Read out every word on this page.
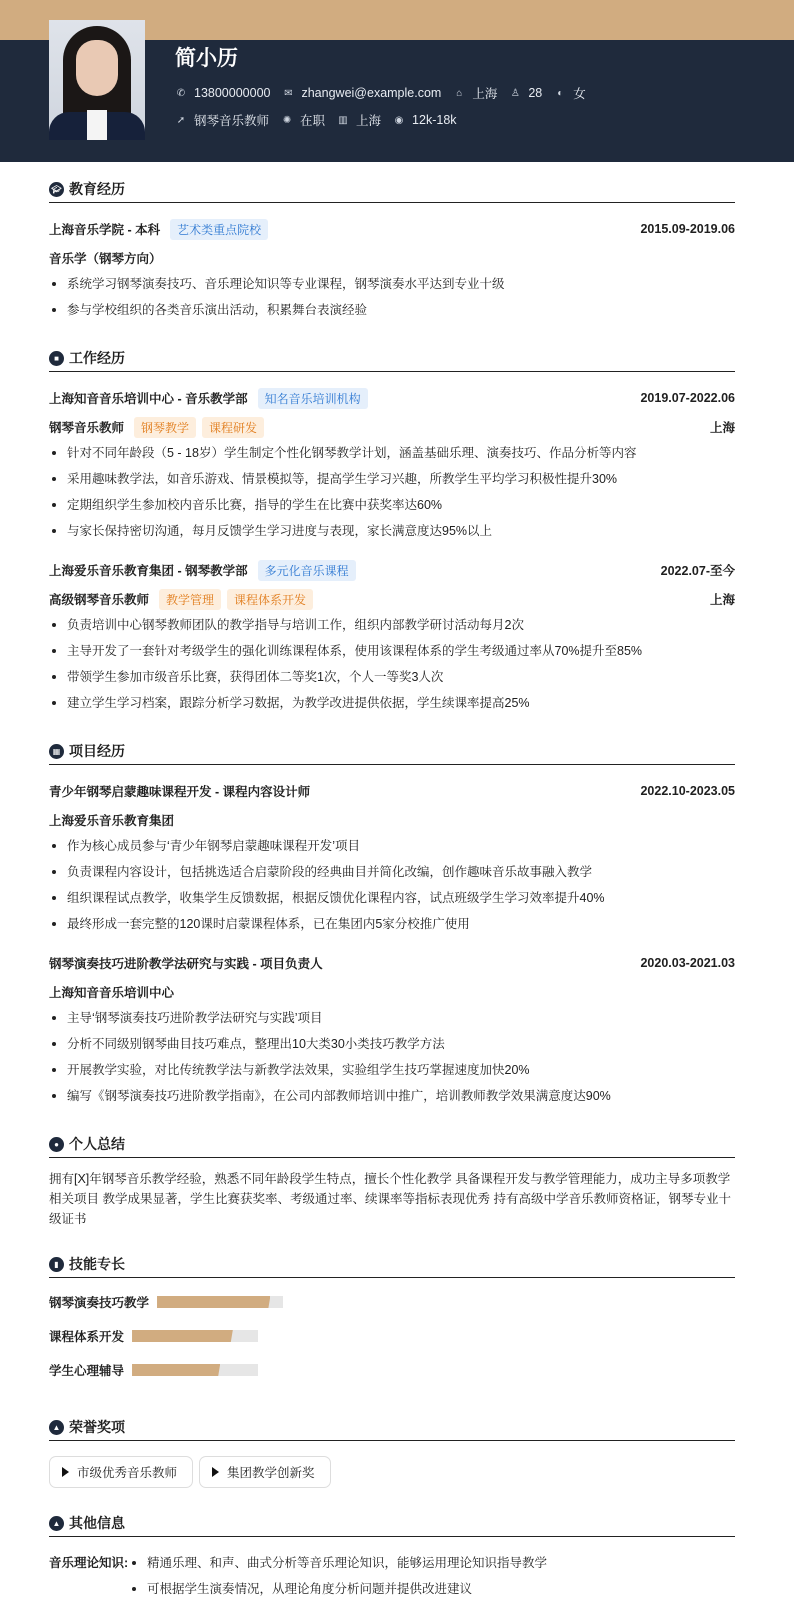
简小历
✆ 13800000000 ✉ zhangwei@example.com ⌂ 上海 ♙ 28 ◐ 女
➚ 钢琴音乐教师 ✺ 在职 ▥ 上海 ◉ 12k-18k
🎓︎ 教育经历
上海音乐学院 - 本科	艺术类重点院校	2015.09-2019.06
音乐学（钢琴方向）
系统学习钢琴演奏技巧、音乐理论知识等专业课程，钢琴演奏水平达到专业十级
参与学校组织的各类音乐演出活动，积累舞台表演经验
■ 工作经历
上海知音音乐培训中心 - 音乐教学部	知名音乐培训机构	2019.07-2022.06
钢琴音乐教师	钢琴教学	课程研发	上海
针对不同年龄段（5 - 18岁）学生制定个性化钢琴教学计划，涵盖基础乐理、演奏技巧、作品分析等内容
采用趣味教学法，如音乐游戏、情景模拟等，提高学生学习兴趣，所教学生平均学习积极性提升30%
定期组织学生参加校内音乐比赛，指导的学生在比赛中获奖率达60%
与家长保持密切沟通，每月反馈学生学习进度与表现，家长满意度达95%以上
上海爱乐音乐教育集团 - 钢琴教学部	多元化音乐课程	2022.07-至今
高级钢琴音乐教师	教学管理	课程体系开发	上海
负责培训中心钢琴教师团队的教学指导与培训工作，组织内部教学研讨活动每月2次
主导开发了一套针对考级学生的强化训练课程体系，使用该课程体系的学生考级通过率从70%提升至85%
带领学生参加市级音乐比赛，获得团体二等奖1次，个人一等奖3人次
建立学生学习档案，跟踪分析学习数据，为教学改进提供依据，学生续课率提高25%
▦ 项目经历
青少年钢琴启蒙趣味课程开发 - 课程内容设计师	2022.10-2023.05
上海爱乐音乐教育集团
作为核心成员参与‘青少年钢琴启蒙趣味课程开发’项目
负责课程内容设计，包括挑选适合启蒙阶段的经典曲目并简化改编，创作趣味音乐故事融入教学
组织课程试点教学，收集学生反馈数据，根据反馈优化课程内容，试点班级学生学习效率提升40%
最终形成一套完整的120课时启蒙课程体系，已在集团内5家分校推广使用
钢琴演奏技巧进阶教学法研究与实践 - 项目负责人	2020.03-2021.03
上海知音音乐培训中心
主导‘钢琴演奏技巧进阶教学法研究与实践’项目
分析不同级别钢琴曲目技巧难点，整理出10大类30小类技巧教学方法
开展教学实验，对比传统教学法与新教学法效果，实验组学生技巧掌握速度加快20%
编写《钢琴演奏技巧进阶教学指南》，在公司内部教师培训中推广，培训教师教学效果满意度达90%
● 个人总结
拥有[X]年钢琴音乐教学经验，熟悉不同年龄段学生特点，擅长个性化教学 具备课程开发与教学管理能力，成功主导多项教学相关项目 教学成果显著，学生比赛获奖率、考级通过率、续课率等指标表现优秀 持有高级中学音乐教师资格证，钢琴专业十级证书
▮ 技能专长
钢琴演奏技巧教学
课程体系开发
学生心理辅导
▲ 荣誉奖项
市级优秀音乐教师	集团教学创新奖
▲ 其他信息
音乐理论知识:	精通乐理、和声、曲式分析等音乐理论知识，能够运用理论知识指导教学
可根据学生演奏情况，从理论角度分析问题并提供改进建议
